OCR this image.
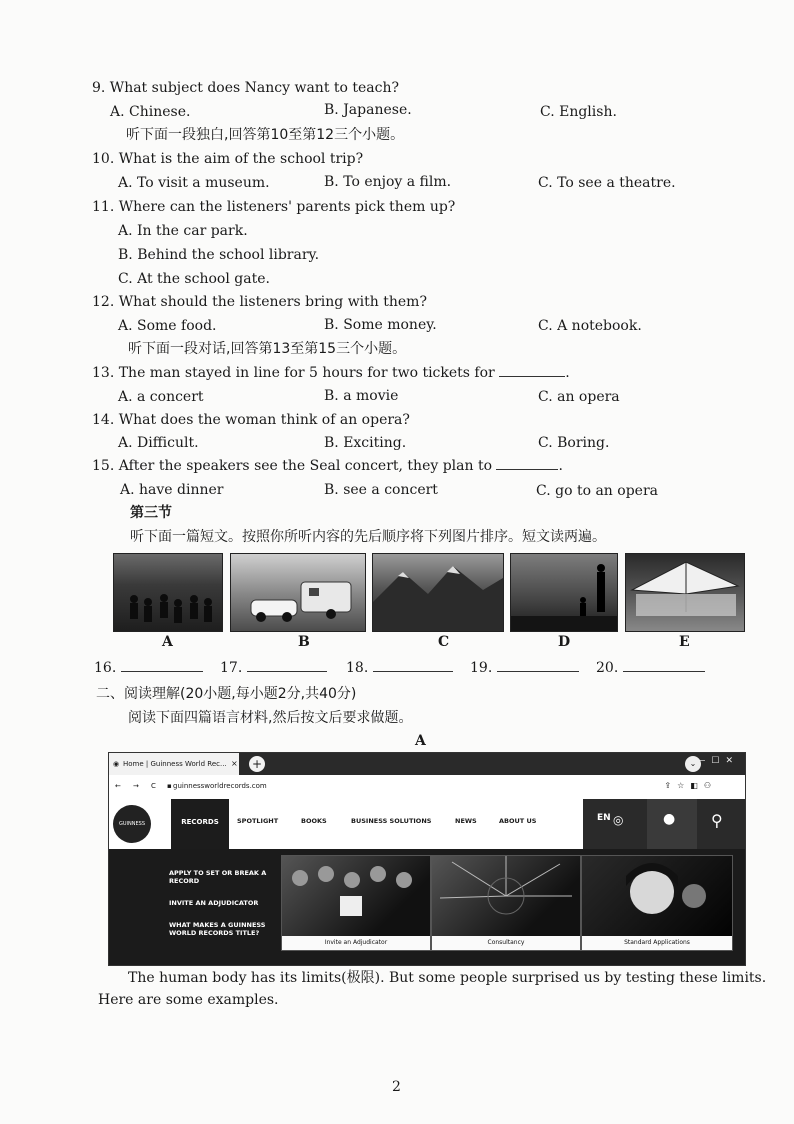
9. What subject does Nancy want to teach?
A. Chinese.	B. Japanese.	C. English.
听下面一段独白,回答第10至第12三个小题。
10. What is the aim of the school trip?
A. To visit a museum.	B. To enjoy a film.	C. To see a theatre.
11. Where can the listeners' parents pick them up?
A. In the car park.
B. Behind the school library.
C. At the school gate.
12. What should the listeners bring with them?
A. Some food.	B. Some money.	C. A notebook.
听下面一段对话,回答第13至第15三个小题。
13. The man stayed in line for 5 hours for two tickets for	.
A. a concert	B. a movie	C. an opera
14. What does the woman think of an opera?
A. Difficult.	B. Exciting.	C. Boring.
15. After the speakers see the Seal concert, they plan to	.
A. have dinner	B. see a concert	C. go to an opera
第三节
听下面一篇短文。按照你所听内容的先后顺序将下列图片排序。短文读两遍。
A	B	C	D	E
16.	17.	18.	19.	20.
二、阅读理解(20小题,每小题2分,共40分)
阅读下面四篇语言材料,然后按文后要求做题。
A
◉ Home | Guinness World Rec... × +	⌄ —☐✕
← → C ▪ guinnessworldrecords.com	⇪☆◧⚇
GUINNESS	RECORDS	SPOTLIGHT	BOOKS	BUSINESS SOLUTIONS	NEWS	ABOUT US	EN ◎	● ⚲
APPLY TO SET OR BREAK A RECORD
INVITE AN ADJUDICATOR
WHAT MAKES A GUINNESS WORLD RECORDS TITLE?
Invite an Adjudicator	Consultancy	Standard Applications
The human body has its limits(极限). But some people surprised us by testing these limits.
Here are some examples.
2
